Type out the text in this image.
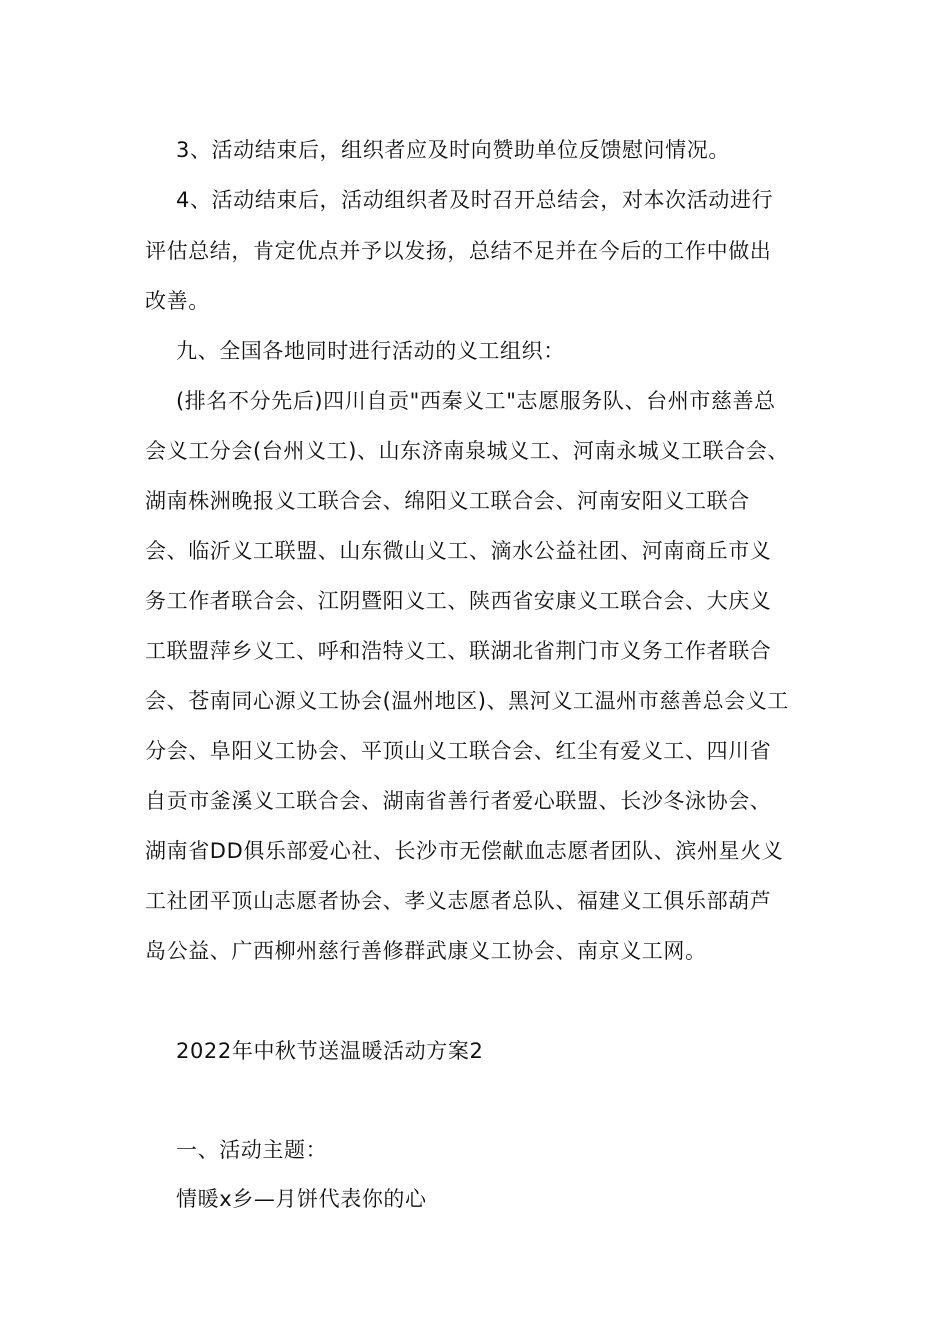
3、活动结束后，组织者应及时向赞助单位反馈慰问情况。
4、活动结束后，活动组织者及时召开总结会，对本次活动进行
评估总结，肯定优点并予以发扬，总结不足并在今后的工作中做出
改善。
九、全国各地同时进行活动的义工组织：
(排名不分先后)四川自贡"西秦义工"志愿服务队、台州市慈善总
会义工分会(台州义工)、山东济南泉城义工、河南永城义工联合会、
湖南株洲晚报义工联合会、绵阳义工联合会、河南安阳义工联合
会、临沂义工联盟、山东微山义工、滴水公益社团、河南商丘市义
务工作者联合会、江阴暨阳义工、陕西省安康义工联合会、大庆义
工联盟萍乡义工、呼和浩特义工、联湖北省荆门市义务工作者联合
会、苍南同心源义工协会(温州地区)、黑河义工温州市慈善总会义工
分会、阜阳义工协会、平顶山义工联合会、红尘有爱义工、四川省
自贡市釜溪义工联合会、湖南省善行者爱心联盟、长沙冬泳协会、
湖南省DD俱乐部爱心社、长沙市无偿献血志愿者团队、滨州星火义
工社团平顶山志愿者协会、孝义志愿者总队、福建义工俱乐部葫芦
岛公益、广西柳州慈行善修群武康义工协会、南京义工网。
2022年中秋节送温暖活动方案2
一、活动主题：
情暖x乡—月饼代表你的心
